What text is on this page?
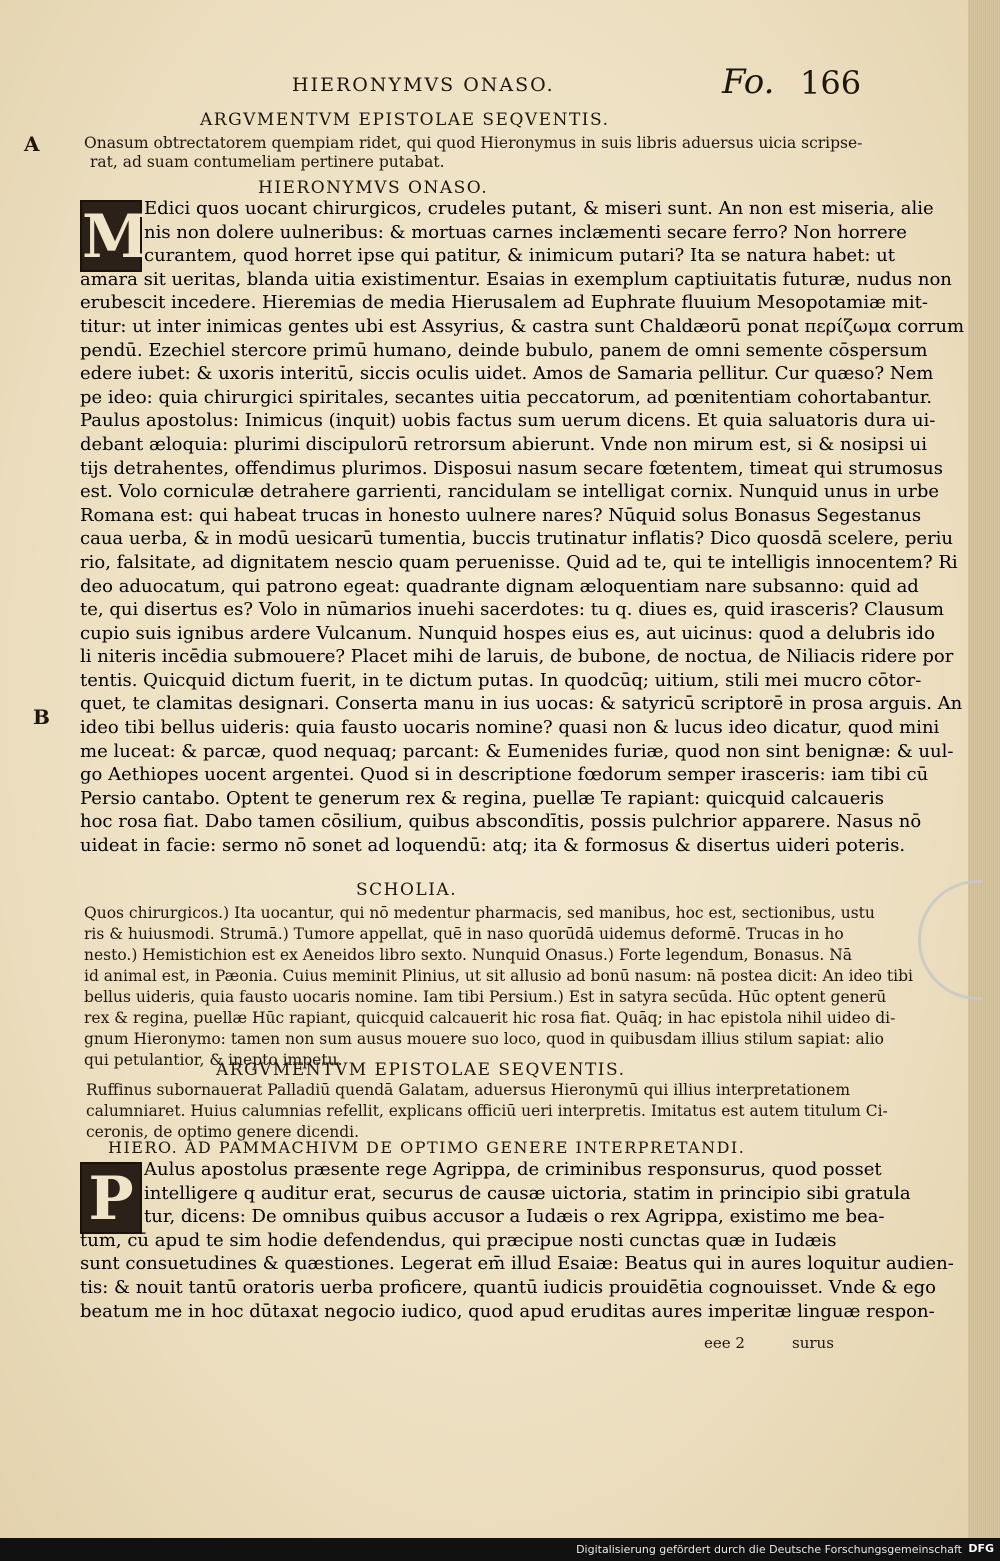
HIERONYMVS ONASO.	Fo. 166
A
B
ARGVMENTVM EPISTOLAE SEQVENTIS.
Onasum obtrectatorem quempiam ridet, qui quod Hieronymus in suis libris aduersus uicia scripse-
rat, ad suam contumeliam pertinere putabat.
HIERONYMVS ONASO.
M
Edici quos uocant chirurgicos, crudeles putant, & miseri sunt. An non est miseria, alie
nis non dolere uulneribus: & mortuas carnes inclæmenti secare ferro? Non horrere
curantem, quod horret ipse qui patitur, & inimicum putari? Ita se natura habet: ut
amara sit ueritas, blanda uitia existimentur. Esaias in exemplum captiuitatis futuræ, nudus non
erubescit incedere. Hieremias de media Hierusalem ad Euphrate fluuium Mesopotamiæ mit-
titur: ut inter inimicas gentes ubi est Assyrius, & castra sunt Chaldæorū ponat περίζωμα corrum
pendū. Ezechiel stercore primū humano, deinde bubulo, panem de omni semente cōspersum
edere iubet: & uxoris interitū, siccis oculis uidet. Amos de Samaria pellitur. Cur quæso? Nem
pe ideo: quia chirurgici spiritales, secantes uitia peccatorum, ad pœnitentiam cohortabantur.
Paulus apostolus: Inimicus (inquit) uobis factus sum uerum dicens. Et quia saluatoris dura ui-
debant æloquia: plurimi discipulorū retrorsum abierunt. Vnde non mirum est, si & nosipsi ui
tijs detrahentes, offendimus plurimos. Disposui nasum secare fœtentem, timeat qui strumosus
est. Volo corniculæ detrahere garrienti, rancidulam se intelligat cornix. Nunquid unus in urbe
Romana est: qui habeat trucas in honesto uulnere nares? Nūquid solus Bonasus Segestanus
caua uerba, & in modū uesicarū tumentia, buccis trutinatur inflatis? Dico quosdā scelere, periu
rio, falsitate, ad dignitatem nescio quam peruenisse. Quid ad te, qui te intelligis innocentem? Ri
deo aduocatum, qui patrono egeat: quadrante dignam æloquentiam nare subsanno: quid ad
te, qui disertus es? Volo in nūmarios inuehi sacerdotes: tu q. diues es, quid irasceris? Clausum
cupio suis ignibus ardere Vulcanum. Nunquid hospes eius es, aut uicinus: quod a delubris ido
li niteris incēdia submouere? Placet mihi de laruis, de bubone, de noctua, de Niliacis ridere por
tentis. Quicquid dictum fuerit, in te dictum putas. In quodcūq; uitium, stili mei mucro cōtor-
quet, te clamitas designari. Conserta manu in ius uocas: & satyricū scriptorē in prosa arguis. An
ideo tibi bellus uideris: quia fausto uocaris nomine? quasi non & lucus ideo dicatur, quod mini
me luceat: & parcæ, quod nequaq; parcant: & Eumenides furiæ, quod non sint benignæ: & uul-
go Aethiopes uocent argentei. Quod si in descriptione fœdorum semper irasceris: iam tibi cū
Persio cantabo. Optent te generum rex & regina, puellæ Te rapiant: quicquid calcaueris
hoc rosa fiat. Dabo tamen cōsilium, quibus abscondītis, possis pulchrior apparere. Nasus nō
uideat in facie: sermo nō sonet ad loquendū: atq; ita & formosus & disertus uideri poteris.
SCHOLIA.
Quos chirurgicos.) Ita uocantur, qui nō medentur pharmacis, sed manibus, hoc est, sectionibus, ustu
ris & huiusmodi. Strumā.) Tumore appellat, quē in naso quorūdā uidemus deformē. Trucas in ho
nesto.) Hemistichion est ex Aeneidos libro sexto. Nunquid Onasus.) Forte legendum, Bonasus. Nā
id animal est, in Pæonia. Cuius meminit Plinius, ut sit allusio ad bonū nasum: nā postea dicit: An ideo tibi
bellus uideris, quia fausto uocaris nomine. Iam tibi Persium.) Est in satyra secūda. Hūc optent generū
rex & regina, puellæ Hūc rapiant, quicquid calcauerit hic rosa fiat. Quāq; in hac epistola nihil uideo di-
gnum Hieronymo: tamen non sum ausus mouere suo loco, quod in quibusdam illius stilum sapiat: alio
qui petulantior, & inepto impetu.
ARGVMENTVM EPISTOLAE SEQVENTIS.
Ruffinus subornauerat Palladiū quendā Galatam, aduersus Hieronymū qui illius interpretationem
calumniaret. Huius calumnias refellit, explicans officiū ueri interpretis. Imitatus est autem titulum Ci-
ceronis, de optimo genere dicendi.
HIERO. AD PAMMACHIVM DE OPTIMO GENERE INTERPRETANDI.
P Aulus apostolus præsente rege Agrippa, de criminibus responsurus, quod posset
intelligere q auditur erat, securus de causæ uictoria, statim in principio sibi gratula
tur, dicens: De omnibus quibus accusor a Iudæis o rex Agrippa, existimo me bea-
tum, cū apud te sim hodie defendendus, qui præcipue nosti cunctas quæ in Iudæis
sunt consuetudines & quæstiones. Legerat em̄ illud Esaiæ: Beatus qui in aures loquitur audien-
tis: & nouit tantū oratoris uerba proficere, quantū iudicis prouidētia cognouisset. Vnde & ego
beatum me in hoc dūtaxat negocio iudico, quod apud eruditas aures imperitæ linguæ respon-
eee 2	surus
Digitalisierung gefördert durch die Deutsche Forschungsgemeinschaft DFG
